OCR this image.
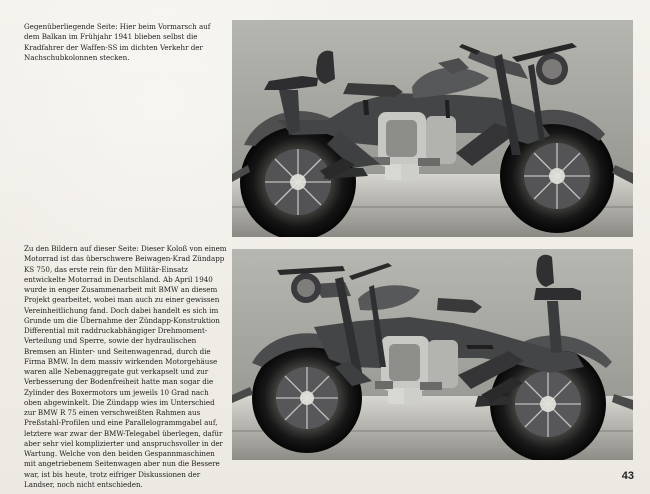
Gegenüberliegende Seite: Hier beim Vormarsch auf dem Balkan im Frühjahr 1941 blieben selbst die Kradfahrer der Waffen-SS im dichten Verkehr der Nachschubkolonnen stecken.
Zu den Bildern auf dieser Seite: Dieser Koloß von einem Motorrad ist das überschwere Beiwagen-Krad Zündapp KS 750, das erste rein für den Militär-Einsatz entwickelte Motorrad in Deutschland. Ab April 1940 wurde in enger Zusammenarbeit mit BMW an diesem Projekt gearbeitet, wobei man auch zu einer gewissen Vereinheitlichung fand. Doch dabei handelt es sich im Grunde um die Übernahme der Zündapp-Konstruktion Differential mit raddruckabhängiger Drehmoment-Verteilung und Sperre, sowie der hydraulischen Bremsen an Hinter- und Seitenwagenrad, durch die Firma BMW. In dem massiv wirkenden Motorgehäuse waren alle Nebenaggregate gut verkapselt und zur Verbesserung der Bodenfreiheit hatte man sogar die Zylinder des Boxermotors um jeweils 10 Grad nach oben abgewinkelt. Die Zündapp wies im Unterschied zur BMW R 75 einen verschweißten Rahmen aus Preßstahl-Profilen und eine Parallelogrammgabel auf, letztere war zwar der BMW-Telegabel überlegen, dafür aber sehr viel komplizierter und anspruchsvoller in der Wartung. Welche von den beiden Gespannmaschinen mit angetriebenem Seitenwagen aber nun die Bessere war, ist bis heute, trotz eifriger Diskussionen der Landser, noch nicht entschieden.
43
